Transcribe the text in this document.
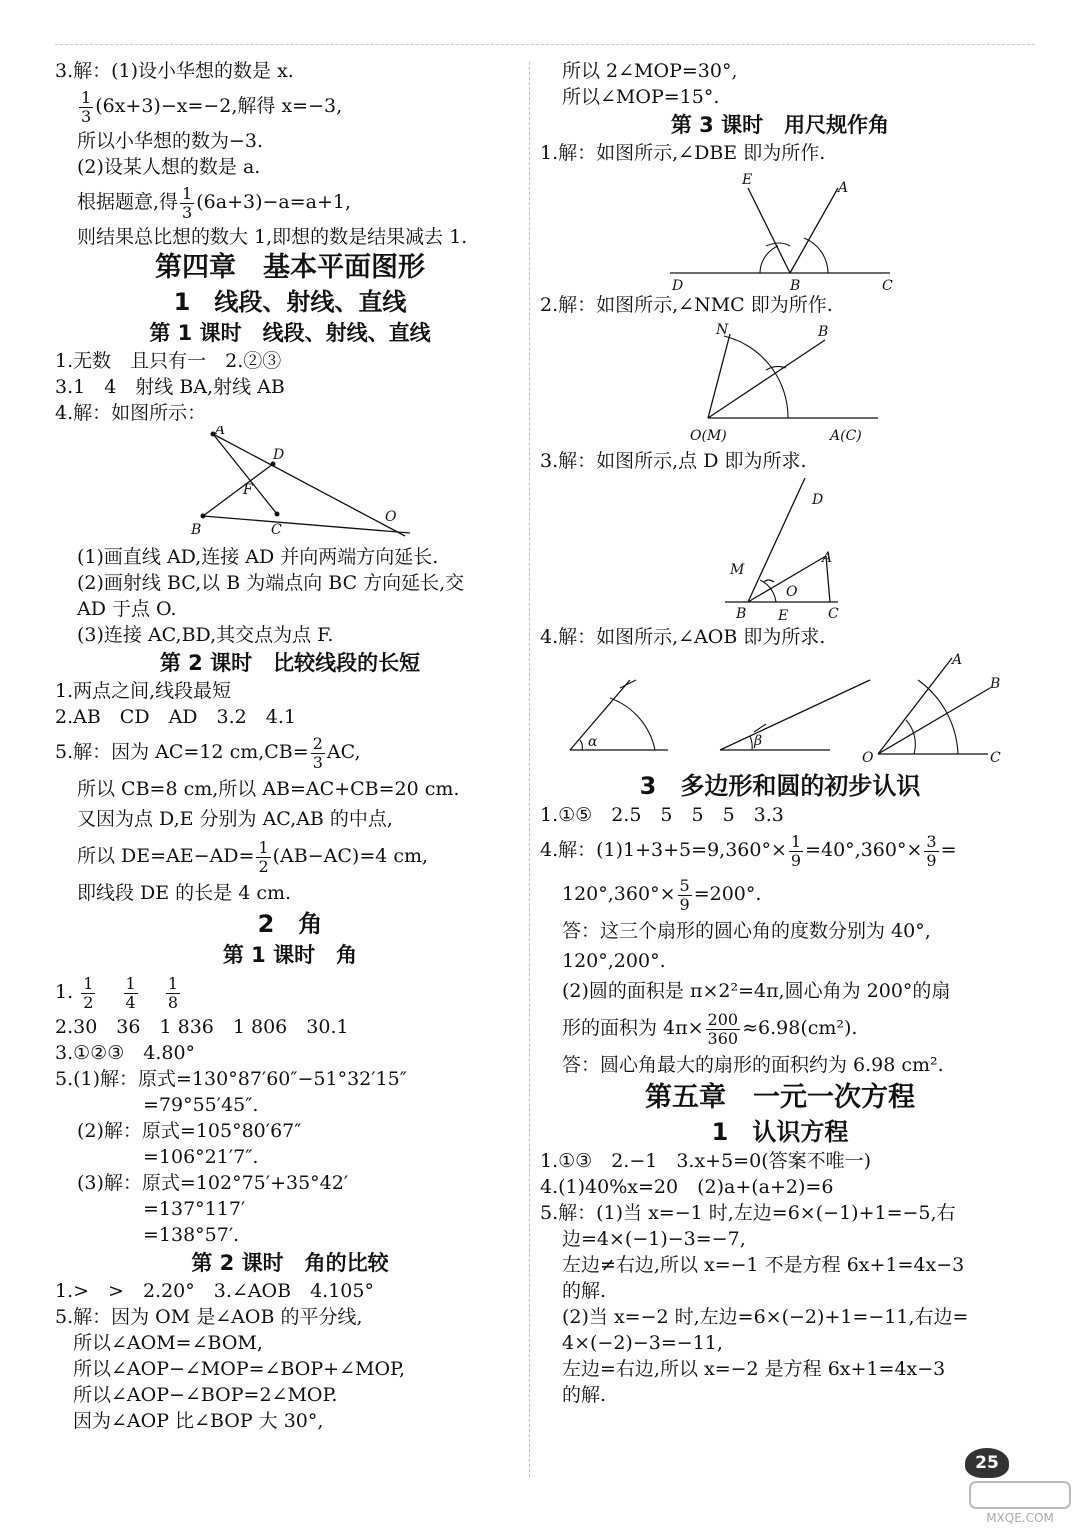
3.解：(1)设小华想的数是 x.
$\frac{1}{3} (6x+3)-x=-2$,解得 x=−3,
所以小华想的数为−3.
(2)设某人想的数是 a.
根据题意,得 $\frac{1}{3} (6a+3)-a=a+1$,
则结果总比想的数大 1,即想的数是结果减去 1.
第四章　基本平面图形
1　线段、射线、直线
第 1 课时　线段、射线、直线
1.无数　且只有一　2.②③
3.1　4　射线 BA,射线 AB
4.解：如图所示：
A
D
F
O
B	C
(1)画直线 AD,连接 AD 并向两端方向延长.
(2)画射线 BC,以 B 为端点向 BC 方向延长,交
AD 于点 O.
(3)连接 AC,BD,其交点为点 F.
第 2 课时　比较线段的长短
1.两点之间,线段最短
2.AB　CD　AD　3.2　4.1
5.解：因为 AC=12 $cm,CB= \frac{2}{3}$ AC,
所以 CB=8 cm,所以 AB=AC+CB=20 cm.
又因为点 D,E 分别为 AC,AB 的中点,
所以 $DE=AE-AD= \frac{1}{2} (AB-AC)=4$ cm,
即线段 DE 的长是 4 cm.
2　角
第 1 课时　角
1. $\frac{1}{2}$
$\frac{1}{4}$
$\frac{1}{8}$
2.30　36　1 836　1 806　30.1
3.①②③　4.80°
5.(1)解：原式=130°87′60″−51°32′15″
=79°55′45″.
(2)解：原式=105°80′67″
=106°21′7″.
(3)解：原式=102°75′+35°42′
=137°117′
=138°57′.
第 2 课时　角的比较
1.>　>　2.20°　3.∠AOB　4.105°
5.解：因为 OM 是∠AOB 的平分线,
所以∠AOM=∠BOM,
所以∠AOP−∠MOP=∠BOP+∠MOP,
所以∠AOP−∠BOP=2∠MOP.
因为∠AOP 比∠BOP 大 30°,
所以 2∠MOP=30°,
所以∠MOP=15°.
第 3 课时　用尺规作角
1.解：如图所示,∠DBE 即为所作.
E	A
D	B	C
2.解：如图所示,∠NMC 即为所作.
N	B
O(M)	A(C)
3.解：如图所示,点 D 即为所求.
D
M
A
O
B E	C
4.解：如图所示,∠AOB 即为所求.
α	β
A
B
O	C
3　多边形和圆的初步认识
1.①⑤　2.5　5　5　5　3.3
4.解：$(1)1+3+5=9,360^\circ\times \frac{1}{9} =40^\circ,360^\circ\times \frac{3}{9}$ =
$120^\circ,360^\circ\times \frac{5}{9} =200^\circ$.
答：这三个扇形的圆心角的度数分别为 40°,
120°,200°.
(2)圆的面积是 π×2²=4π,圆心角为 200°的扇
形的面积为 $4\pi\times \frac{200}{360} \approx 6.98(cm^2)$.
答：圆心角最大的扇形的面积约为 6.98 cm².
第五章　一元一次方程
1　认识方程
1.①③　2.−1　3.x+5=0(答案不唯一)
4.(1)40%x=20　(2)a+(a+2)=6
5.解：(1)当 x=−1 时,左边=6×(−1)+1=−5,右
边=4×(−1)−3=−7,
左边≠右边,所以 x=−1 不是方程 6x+1=4x−3
的解.
(2)当 x=−2 时,左边=6×(−2)+1=−11,右边=
4×(−2)−3=−11,
左边=右边,所以 x=−2 是方程 6x+1=4x−3
的解.
25
MXQE.COM
